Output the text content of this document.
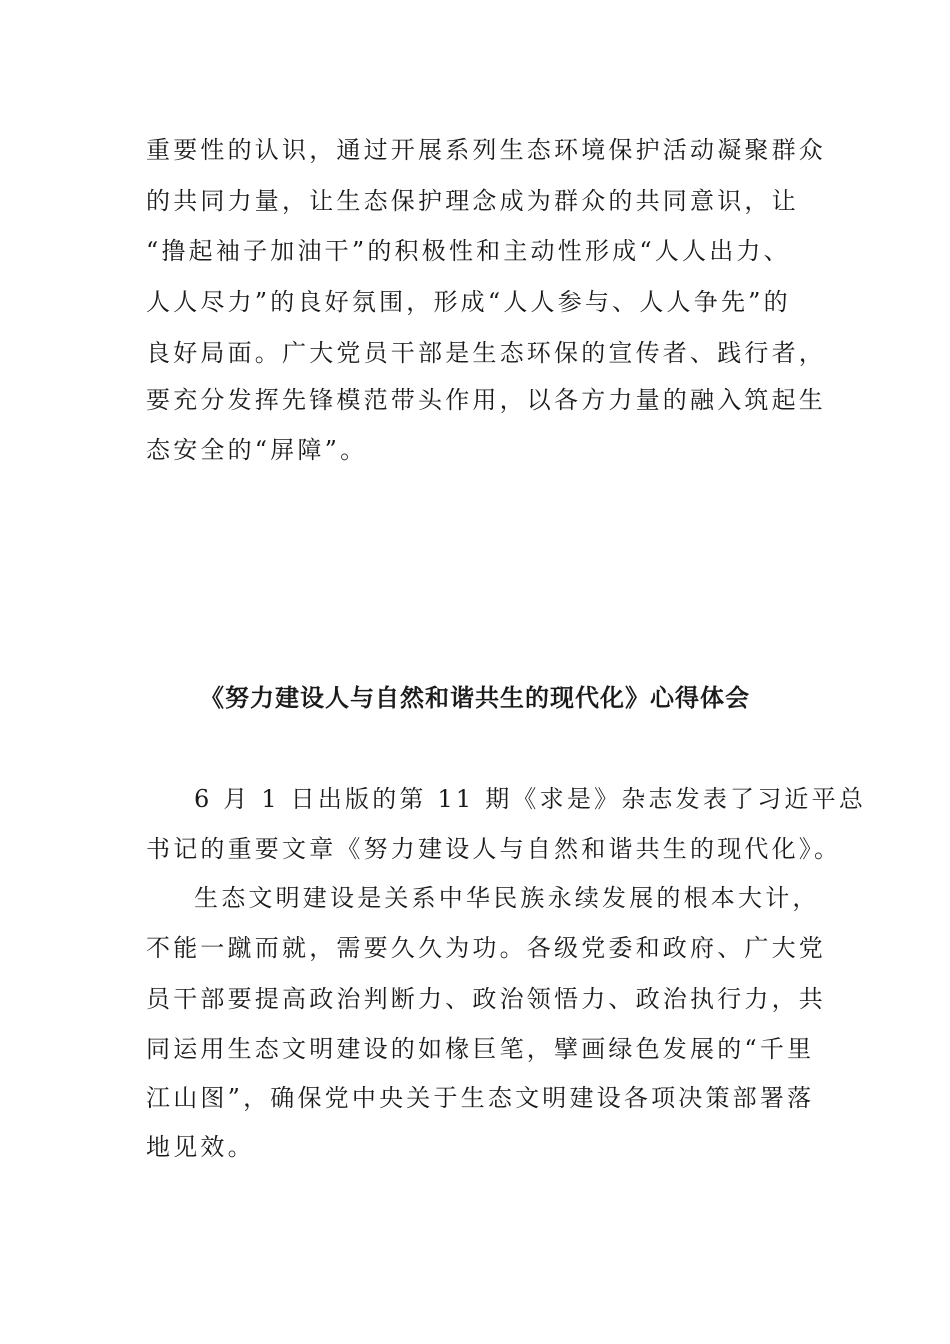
重要性的认识，通过开展系列生态环境保护活动凝聚群众
的共同力量，让生态保护理念成为群众的共同意识，让
“撸起袖子加油干”的积极性和主动性形成“人人出力、
人人尽力”的良好氛围，形成“人人参与、人人争先”的
良好局面。广大党员干部是生态环保的宣传者、践行者，
要充分发挥先锋模范带头作用，以各方力量的融入筑起生
态安全的“屏障”。
《努力建设人与自然和谐共生的现代化》心得体会
6 月 1 日出版的第 11 期《求是》杂志发表了习近平总
书记的重要文章《努力建设人与自然和谐共生的现代化》。
生态文明建设是关系中华民族永续发展的根本大计，
不能一蹴而就，需要久久为功。各级党委和政府、广大党
员干部要提高政治判断力、政治领悟力、政治执行力，共
同运用生态文明建设的如椽巨笔，擘画绿色发展的“千里
江山图”，确保党中央关于生态文明建设各项决策部署落
地见效。
